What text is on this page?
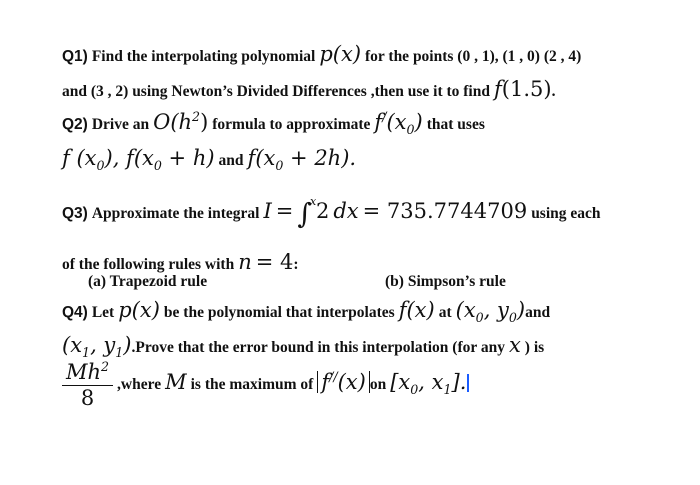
Q1) Find the interpolating polynomial p(x) for the points (0 , 1), (1 , 0) (2 , 4)
and (3 , 2) using Newton’s Divided Differences ,then use it to find f(1.5).
Q2) Drive an $O(h^2)$ formula to approximate $f^/(x_0)$ that uses
f $(x_0)$, $f(x_0 + h)$ and $f(x_0 + 2h)$.
Q3) Approximate the integral I = ∫
x 2 dx = 735.7744709 using each
of the following rules with n = 4:
(a) Trapezoid rule	(b) Simpson’s rule
Q4) Let p(x) be the polynomial that interpolates f(x) at ($x_0$, $y_0)and$
($x_1$, $y_1).Prove$ that the error bound in this interpolation (for any x ) is
$\frac{Mh^2}{8}$ ,where M is the maximum of f//(x) on [$x_0$, $x_1$].
